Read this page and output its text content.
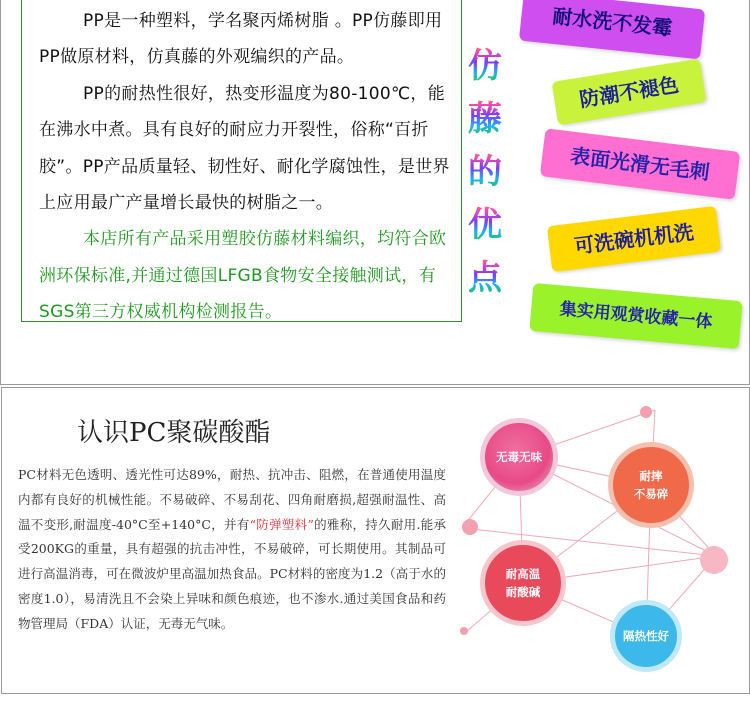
PP是一种塑料，学名聚丙烯树脂 。PP仿藤即用PP做原材料，仿真藤的外观编织的产品。
PP的耐热性很好，热变形温度为80-100℃，能在沸水中煮。具有良好的耐应力开裂性，俗称“百折胶”。PP产品质量轻、韧性好、耐化学腐蚀性，是世界上应用最广产量增长最快的树脂之一。
本店所有产品采用塑胶仿藤材料编织，均符合欧洲环保标准,并通过德国LFGB食物安全接触测试，有SGS第三方权威机构检测报告。
仿
藤
的
优
点
耐水洗不发霉
防潮不褪色
表面光滑无毛刺
可洗碗机机洗
集实用观赏收藏一体
认识PC聚碳酸酯
PC材料无色透明、透光性可达89%，耐热、抗冲击、阻燃，在普通使用温度内都有良好的机械性能。不易破碎、不易刮花、四角耐磨损,超强耐温性、高温不变形,耐温度-40°C至+140°C，并有“防弹塑料”的雅称，持久耐用.能承受200KG的重量，具有超强的抗击冲性，不易破碎，可长期使用。其制品可进行高温消毒，可在微波炉里高温加热食品。PC材料的密度为1.2（高于水的密度1.0），易清洗且不会染上异味和颜色痕迹，也不渗水.通过美国食品和药物管理局（FDA）认证，无毒无气味。
无毒无味
耐摔
不易碎
耐高温
耐酸碱
隔热性好
